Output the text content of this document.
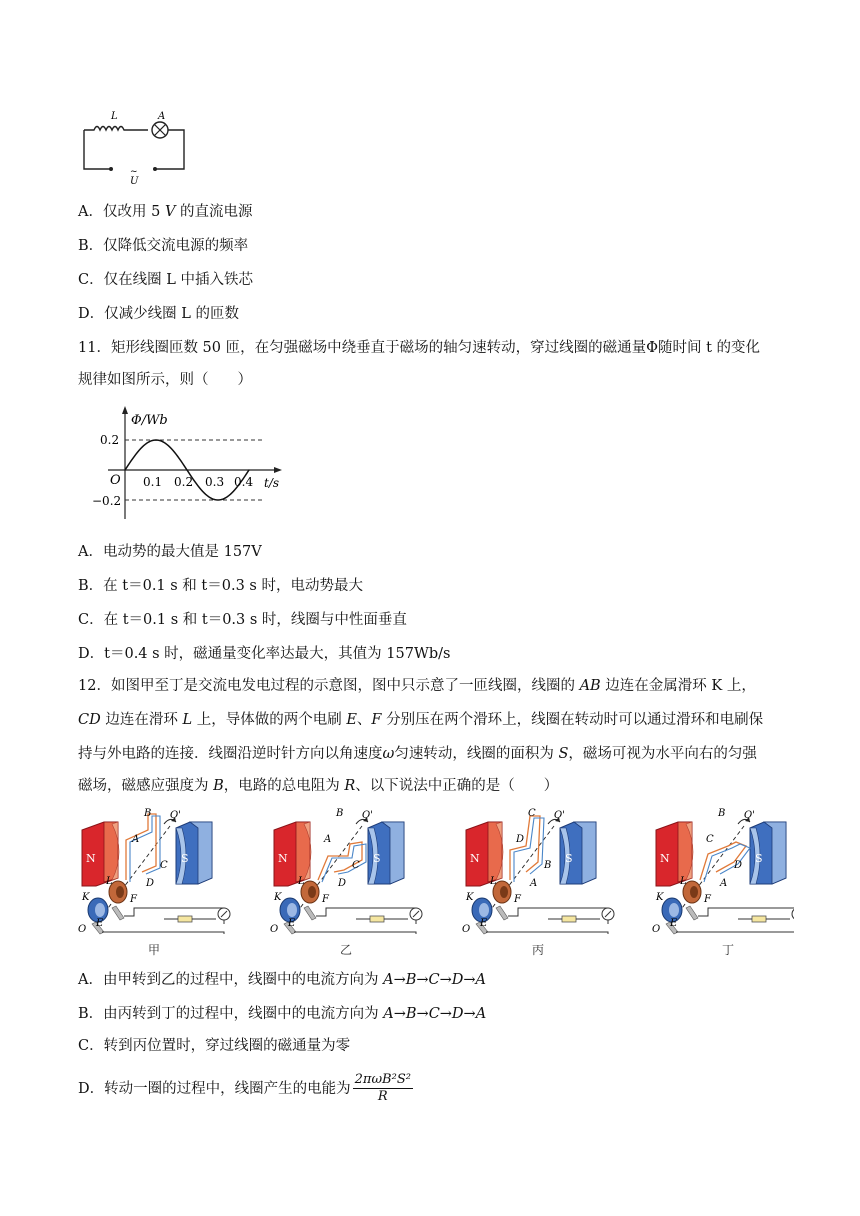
L	A
~
U
A．仅改用 5 V 的直流电源
B．仅降低交流电源的频率
C．仅在线圈 L 中插入铁芯
D．仅减少线圈 L 的匝数
11．矩形线圈匝数 50 匝，在匀强磁场中绕垂直于磁场的轴匀速转动，穿过线圈的磁通量Φ随时间 t 的变化
规律如图所示，则（　　）
Φ/Wb
t/s
O
0.2
−0.2
0.1 0.2 0.3 0.4
A．电动势的最大值是 157V
B．在 t＝0.1 s 和 t＝0.3 s 时，电动势最大
C．在 t＝0.1 s 和 t＝0.3 s 时，线圈与中性面垂直
D．t＝0.4 s 时，磁通量变化率达最大，其值为 157Wb/s
12．如图甲至丁是交流电发电过程的示意图，图中只示意了一匝线圈，线圈的 AB 边连在金属滑环 K 上，
CD 边连在滑环 L 上，导体做的两个电刷 E、F 分别压在两个滑环上，线圈在转动时可以通过滑环和电刷保
持与外电路的连接．线圈沿逆时针方向以角速度ω匀速转动，线圈的面积为 S，磁场可视为水平向右的匀强
磁场，磁感应强度为 B，电路的总电阻为 R、以下说法中正确的是（　　）
N	S
B O'
A
C
D
L
F
K
E
O
甲
N	S
B O'
A
C
D
L
F
K
E
O
乙
N	S
C O'
D
B
A
L
F
K
E
O
丙
N	S
B O'
C
D
A
L
F
K
E
O
丁
A．由甲转到乙的过程中，线圈中的电流方向为 A→B→C→D→A
B．由丙转到丁的过程中，线圈中的电流方向为 A→B→C→D→A
C．转到丙位置时，穿过线圈的磁通量为零
D． 转动一圈的过程中，线圈产生的电能为
2πωB²S²
R
